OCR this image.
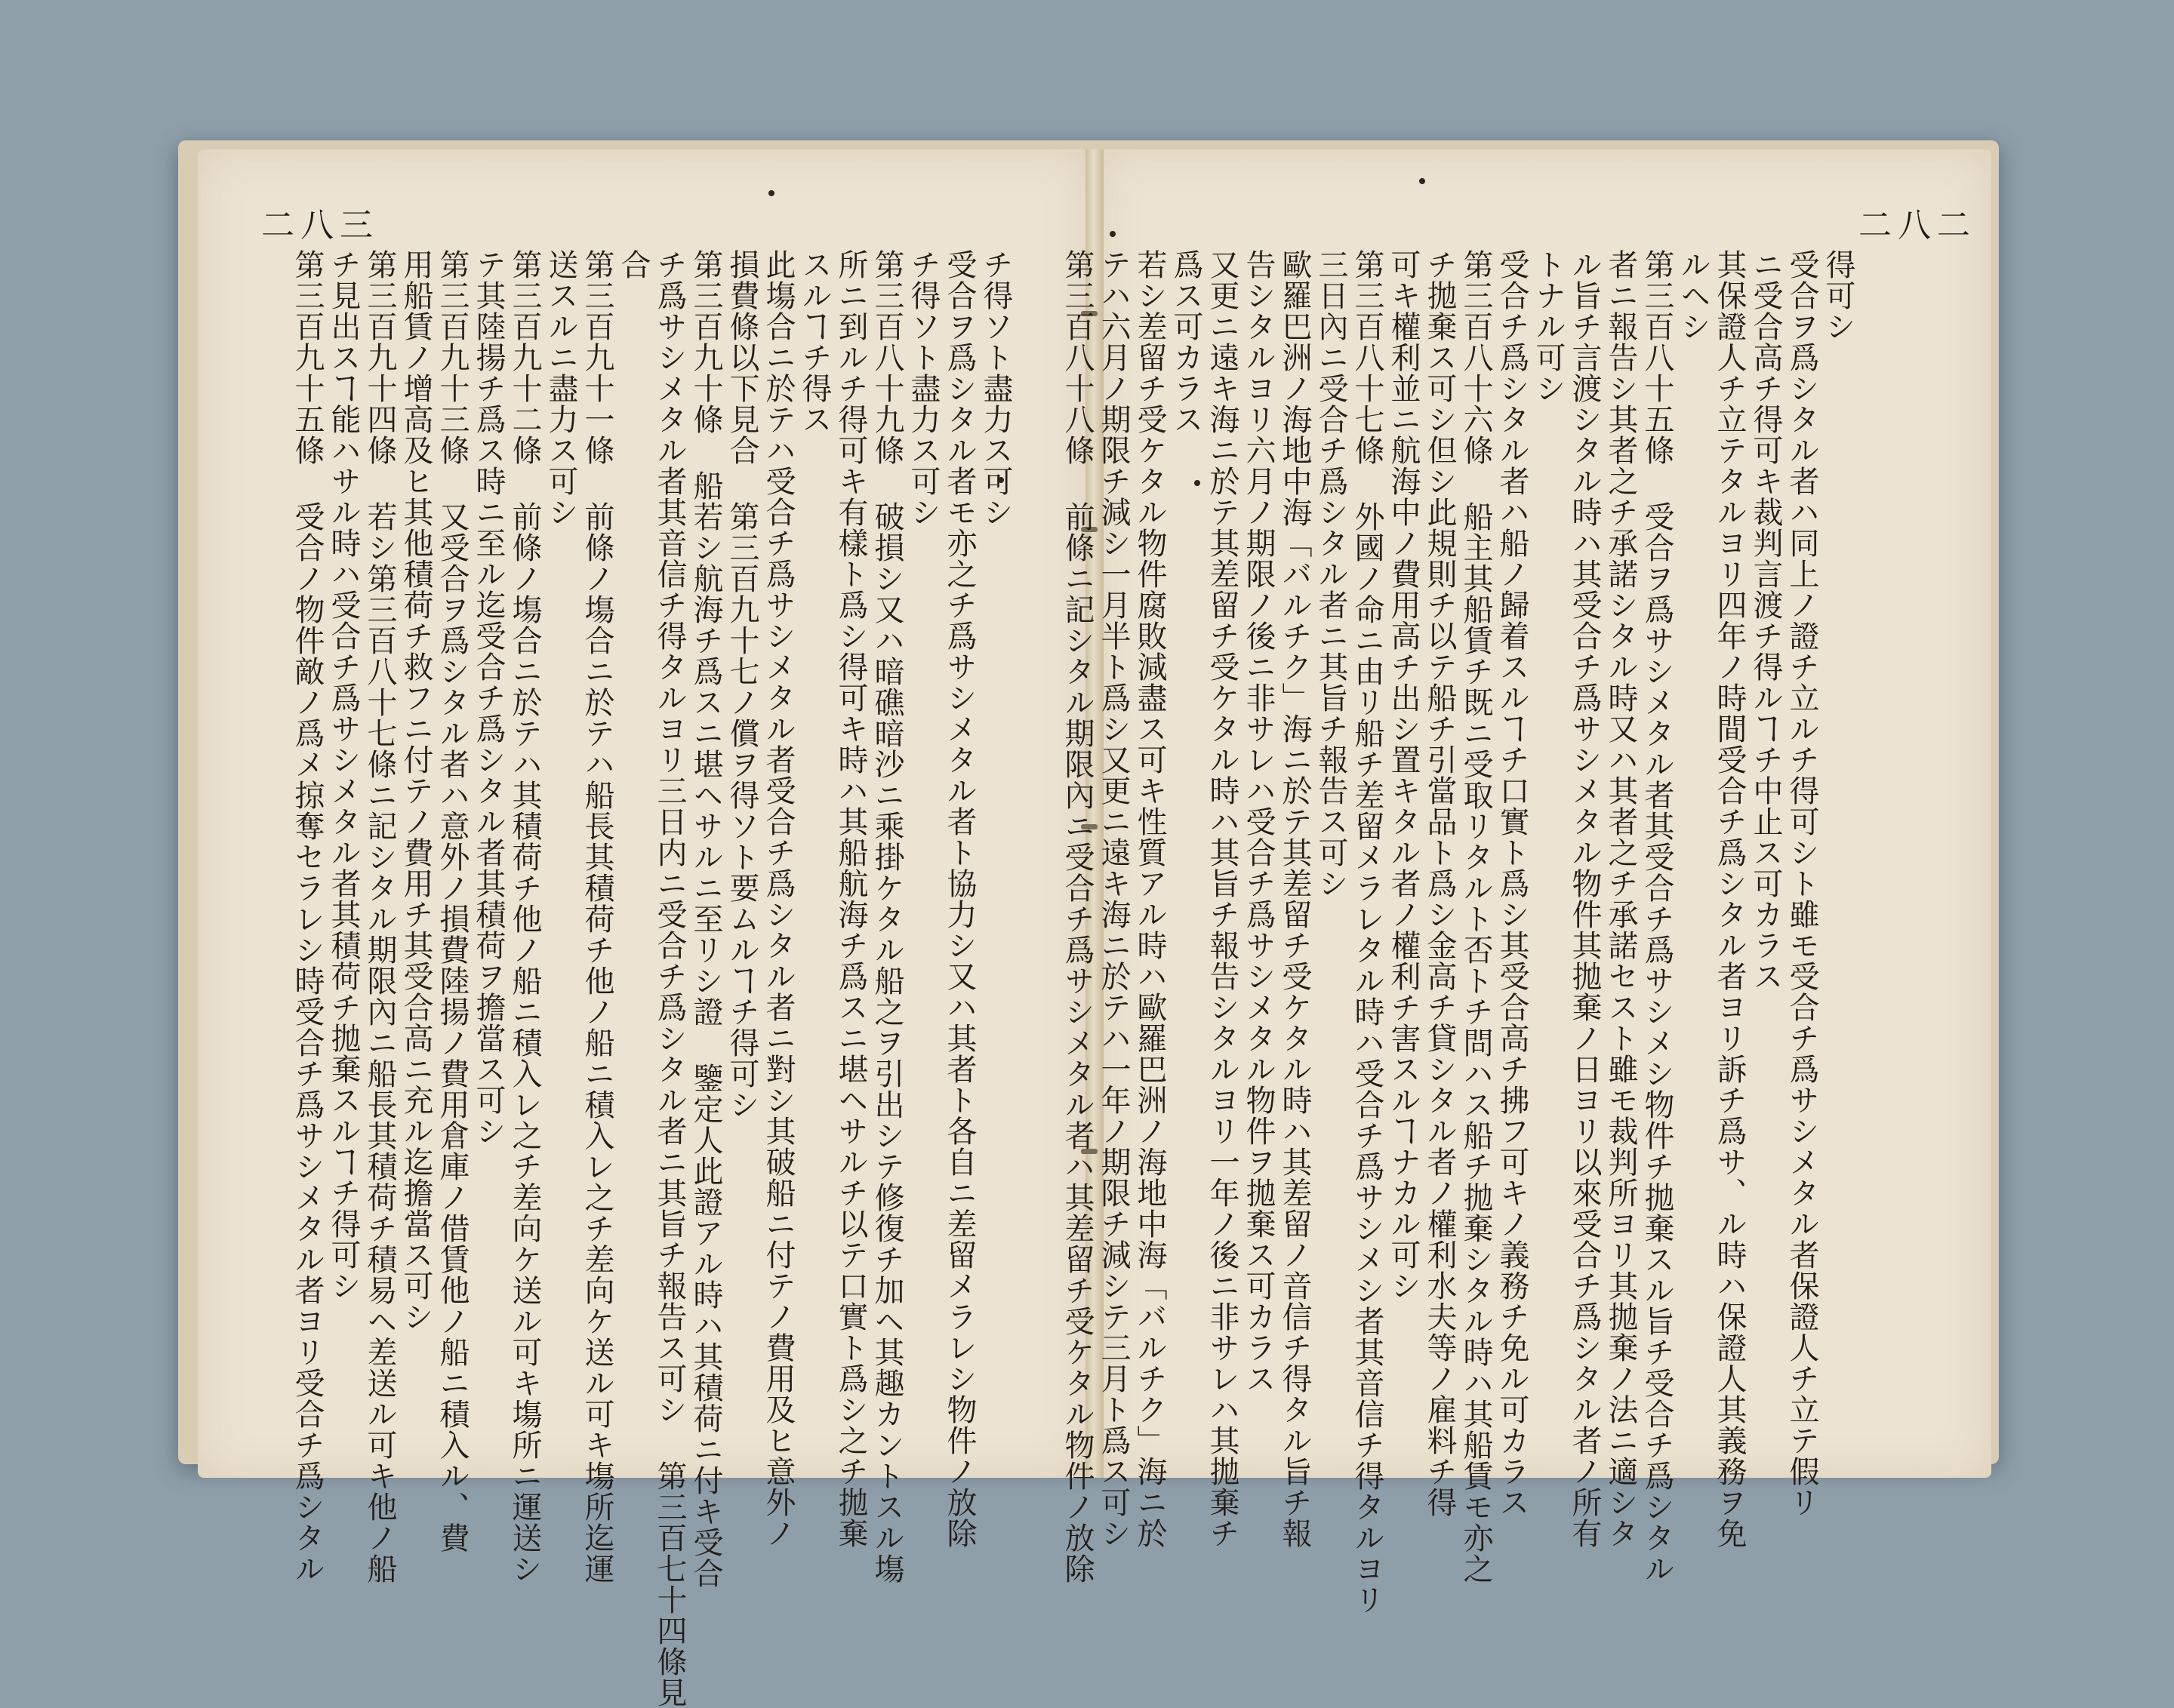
二八三	二八二
チ得ソト盡力ス可シ
受合ヲ爲シタル者モ亦之チ爲サシメタル者ト協力シ又ハ其者ト各自ニ差留メラレシ物件ノ放除
チ得ソト盡力ス可シ
第三百八十九條 破損シ又ハ暗礁暗沙ニ乘掛ケタル船之ヲ引出シテ修復チ加ヘ其趣カントスル塲
所ニ到ルチ得可キ有樣ト爲シ得可キ時ハ其船航海チ爲スニ堪ヘサルチ以テ口實ト爲シ之チ拋棄
スルヿチ得ス
此塲合ニ於テハ受合チ爲サシメタル者受合チ爲シタル者ニ對シ其破船ニ付テノ費用及ヒ意外ノ
損費條以下見合 第三百九十七ノ償ヲ得ソト要ムルヿチ得可シ
第三百九十條 船若シ航海チ爲スニ堪ヘサルニ至リシ證 鑒定人此證アル時ハ其積荷ニ付キ受合
チ爲サシメタル者其音信チ得タルヨリ三日内ニ受合チ爲シタル者ニ其旨チ報告ス可シ 第三百七十四條見
合
第三百九十一條 前條ノ塲合ニ於テハ船長其積荷チ他ノ船ニ積入レ之チ差向ケ送ル可キ塲所迄運
送スルニ盡力ス可シ
第三百九十二條 前條ノ塲合ニ於テハ其積荷チ他ノ船ニ積入レ之チ差向ケ送ル可キ塲所ニ運送シ
テ其陸揚チ爲ス時ニ至ル迄受合チ爲シタル者其積荷ヲ擔當ス可シ
第三百九十三條 又受合ヲ爲シタル者ハ意外ノ損費陸揚ノ費用倉庫ノ借賃他ノ船ニ積入ル、費
用船賃ノ增高及ヒ其他積荷チ救フニ付テノ費用チ其受合高ニ充ル迄擔當ス可シ
第三百九十四條 若シ第三百八十七條ニ記シタル期限內ニ船長其積荷チ積易ヘ差送ル可キ他ノ船
チ見出スヿ能ハサル時ハ受合チ爲サシメタル者其積荷チ拋棄スルヿチ得可シ
第三百九十五條 受合ノ物件敵ノ爲メ掠奪セラレシ時受合チ爲サシメタル者ヨリ受合チ爲シタル	得可シ
受合ヲ爲シタル者ハ同上ノ證チ立ルチ得可シト雖モ受合チ爲サシメタル者保證人チ立テ假リ
ニ受合高チ得可キ裁判言渡チ得ルヿチ中止ス可カラス
其保證人チ立テタルヨリ四年ノ時間受合チ爲シタル者ヨリ訴チ爲サ、ル時ハ保證人其義務ヲ免
ルヘシ
第三百八十五條 受合ヲ爲サシメタル者其受合チ爲サシメシ物件チ拋棄スル旨チ受合チ爲シタル
者ニ報告シ其者之チ承諾シタル時又ハ其者之チ承諾セスト雖モ裁判所ヨリ其拋棄ノ法ニ適シタ
ル旨チ言渡シタル時ハ其受合チ爲サシメタル物件其拋棄ノ日ヨリ以來受合チ爲シタル者ノ所有
トナル可シ
受合チ爲シタル者ハ船ノ歸着スルヿチ口實ト爲シ其受合高チ拂フ可キノ義務チ免ル可カラス
第三百八十六條 船主其船賃チ既ニ受取リタルト否トチ問ハス船チ拋棄シタル時ハ其船賃モ亦之
チ拋棄ス可シ但シ此規則チ以テ船チ引當品ト爲シ金高チ貸シタル者ノ權利水夫等ノ雇料チ得
可キ權利並ニ航海中ノ費用高チ出シ置キタル者ノ權利チ害スルヿナカル可シ
第三百八十七條 外國ノ命ニ由リ船チ差留メラレタル時ハ受合チ爲サシメシ者其音信チ得タルヨリ
三日內ニ受合チ爲シタル者ニ其旨チ報告ス可シ
歐羅巴洲ノ海地中海「バルチク」海ニ於テ其差留チ受ケタル時ハ其差留ノ音信チ得タル旨チ報
告シタルヨリ六月ノ期限ノ後ニ非サレハ受合チ爲サシメタル物件ヲ拋棄ス可カラス
又更ニ遠キ海ニ於テ其差留チ受ケタル時ハ其旨チ報告シタルヨリ一年ノ後ニ非サレハ其拋棄チ
爲ス可カラス
若シ差留チ受ケタル物件腐敗減盡ス可キ性質アル時ハ歐羅巴洲ノ海地中海「バルチク」海ニ於
テハ六月ノ期限チ減シ一月半ト爲シ又更ニ遠キ海ニ於テハ一年ノ期限チ減シテ三月ト爲ス可シ
第三百八十八條 前條ニ記シタル期限內ニ受合チ爲サシメタル者ハ其差留チ受ケタル物件ノ放除
